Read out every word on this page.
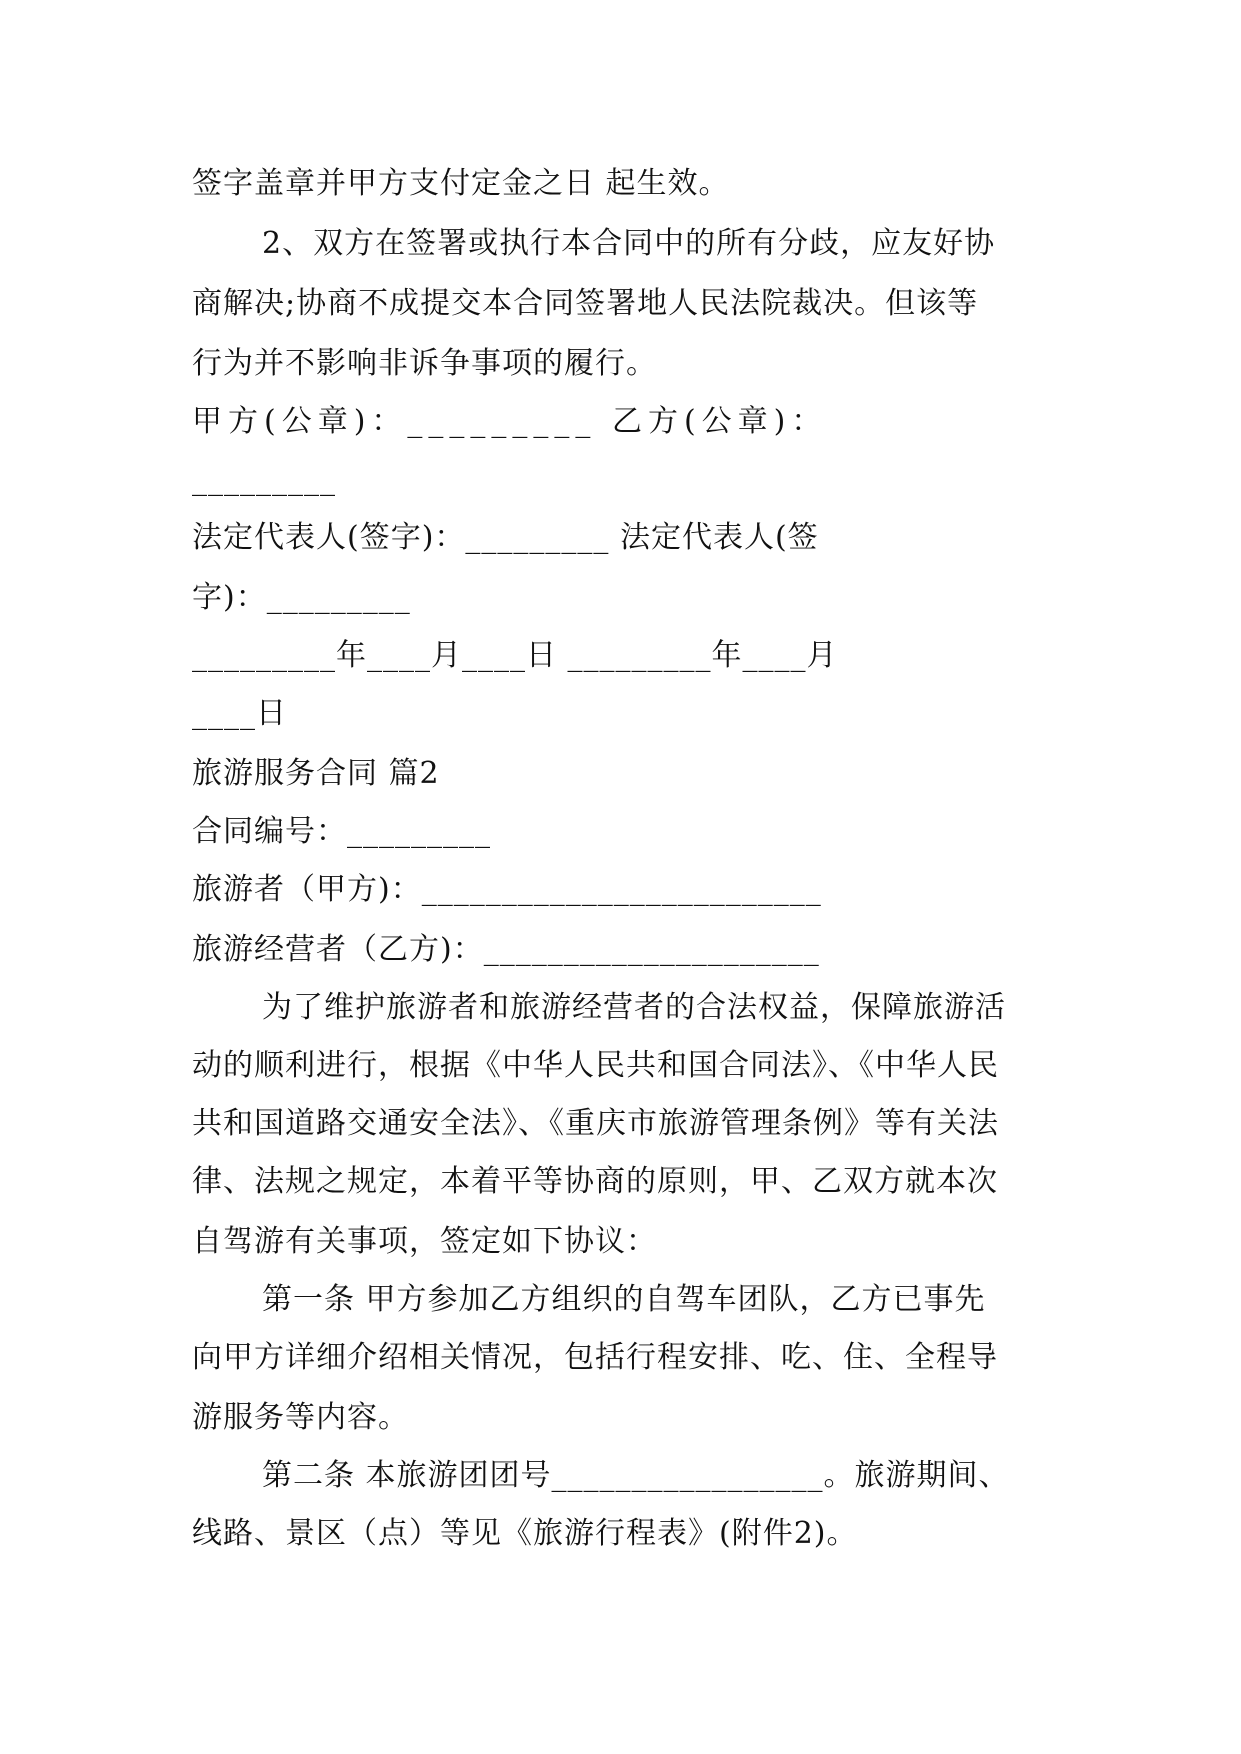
签字盖章并甲方支付定金之日 起生效。
2、双方在签署或执行本合同中的所有分歧，应友好协
商解决;协商不成提交本合同签署地人民法院裁决。但该等
行为并不影响非诉争事项的履行。
甲方(公章)：_________ 乙方(公章)：
_________
法定代表人(签字)：_________ 法定代表人(签
字)：_________
_________年____月____日 _________年____月
____日
旅游服务合同 篇2
合同编号：_________
旅游者（甲方)：_________________________
旅游经营者（乙方)：_____________________
为了维护旅游者和旅游经营者的合法权益，保障旅游活
动的顺利进行，根据《中华人民共和国合同法》、《中华人民
共和国道路交通安全法》、《重庆市旅游管理条例》等有关法
律、法规之规定，本着平等协商的原则，甲、乙双方就本次
自驾游有关事项，签定如下协议：
第一条 甲方参加乙方组织的自驾车团队，乙方已事先
向甲方详细介绍相关情况，包括行程安排、吃、住、全程导
游服务等内容。
第二条 本旅游团团号_________________。旅游期间、
线路、景区（点）等见《旅游行程表》(附件2)。
